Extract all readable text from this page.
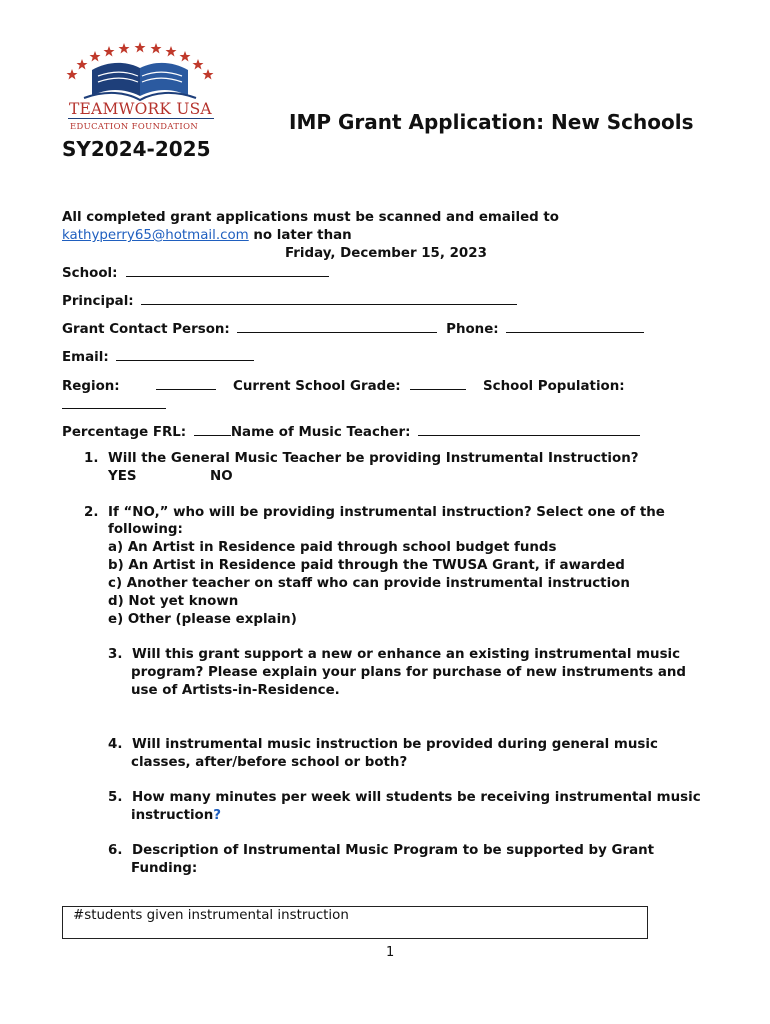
TEAMWORK USA
EDUCATION FOUNDATION	IMP Grant Application: New Schools
SY2024-2025
All completed grant applications must be scanned and emailed to
kathyperry65@hotmail.com no later than
Friday, December 15, 2023
School:
Principal:
Grant Contact Person:	Phone:
Email:
Region:	Current School Grade:	School Population:
Percentage FRL:	Name of Music Teacher:
1. Will the General Music Teacher be providing Instrumental Instruction?
YES	NO
2. If “NO,” who will be providing instrumental instruction? Select one of the
following:
a) An Artist in Residence paid through school budget funds
b) An Artist in Residence paid through the TWUSA Grant, if awarded
c) Another teacher on staff who can provide instrumental instruction
d) Not yet known
e) Other (please explain)
3. Will this grant support a new or enhance an existing instrumental music
program? Please explain your plans for purchase of new instruments and
use of Artists-in-Residence.
4. Will instrumental music instruction be provided during general music
classes, after/before school or both?
5. How many minutes per week will students be receiving instrumental music
instruction?
6. Description of Instrumental Music Program to be supported by Grant
Funding:
#students given instrumental instruction
1
